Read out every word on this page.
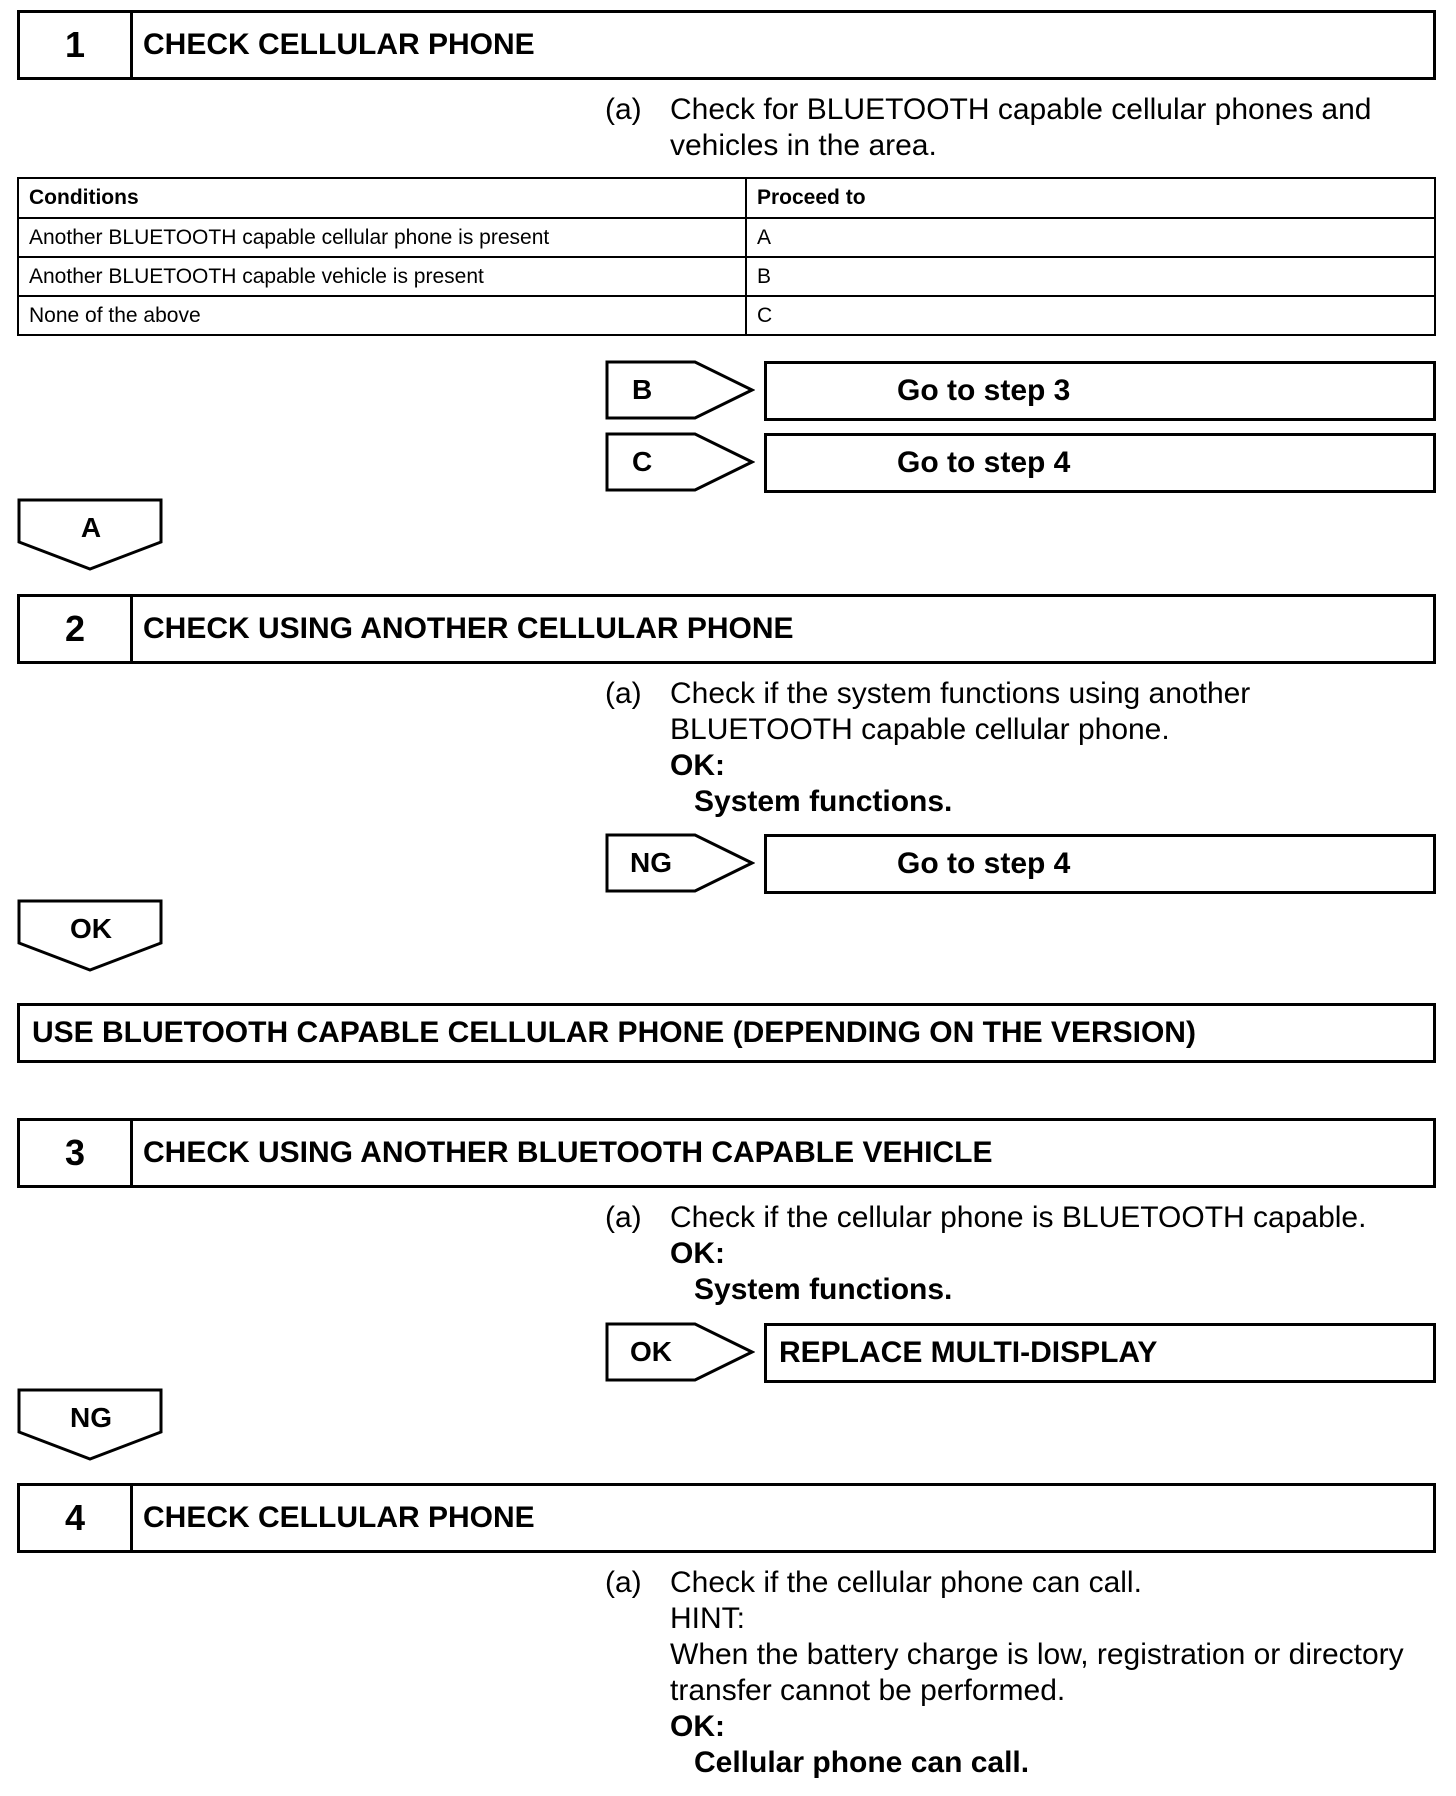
1	CHECK CELLULAR PHONE
(a) Check for BLUETOOTH capable cellular phones and
vehicles in the area.
Conditions	Proceed to
Another BLUETOOTH capable cellular phone is present	A
Another BLUETOOTH capable vehicle is present	B
None of the above	C
B	Go to step 3
C	Go to step 4
A
2	CHECK USING ANOTHER CELLULAR PHONE
(a) Check if the system functions using another
BLUETOOTH capable cellular phone.
OK:
System functions.
NG	Go to step 4
OK
USE BLUETOOTH CAPABLE CELLULAR PHONE (DEPENDING ON THE VERSION)
3	CHECK USING ANOTHER BLUETOOTH CAPABLE VEHICLE
(a) Check if the cellular phone is BLUETOOTH capable.
OK:
System functions.
OK	REPLACE MULTI-DISPLAY
NG
4	CHECK CELLULAR PHONE
(a) Check if the cellular phone can call.
HINT:
When the battery charge is low, registration or directory
transfer cannot be performed.
OK:
Cellular phone can call.
